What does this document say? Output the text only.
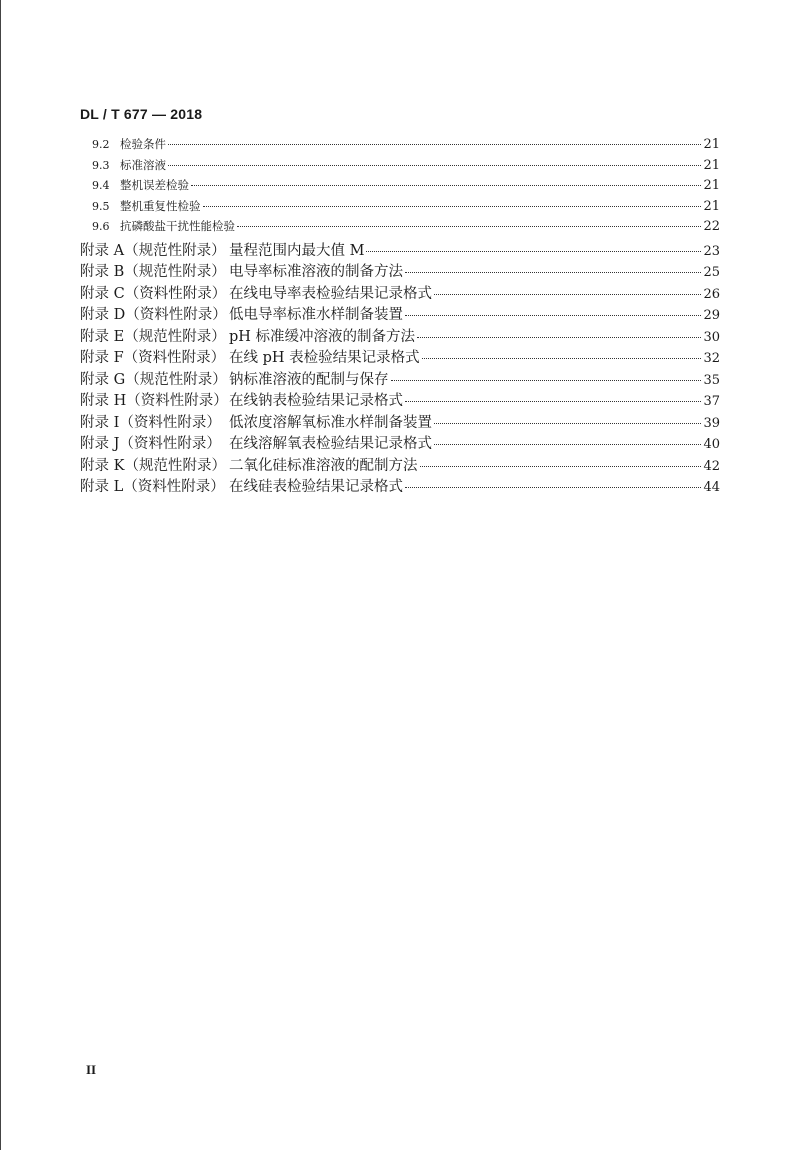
DL / T 677 — 2018
9.2 检验条件	21
9.3 标准溶液	21
9.4 整机误差检验	21
9.5 整机重复性检验	21
9.6 抗磷酸盐干扰性能检验	22
附录 A（规范性附录） 量程范围内最大值 M	23
附录 B（规范性附录） 电导率标准溶液的制备方法	25
附录 C（资料性附录） 在线电导率表检验结果记录格式	26
附录 D（资料性附录） 低电导率标准水样制备装置	29
附录 E（规范性附录） pH 标准缓冲溶液的制备方法	30
附录 F（资料性附录） 在线 pH 表检验结果记录格式	32
附录 G（规范性附录） 钠标准溶液的配制与保存	35
附录 H（资料性附录） 在线钠表检验结果记录格式	37
附录 I（资料性附录） 低浓度溶解氧标准水样制备装置	39
附录 J（资料性附录） 在线溶解氧表检验结果记录格式	40
附录 K（规范性附录） 二氧化硅标准溶液的配制方法	42
附录 L（资料性附录） 在线硅表检验结果记录格式	44
II
